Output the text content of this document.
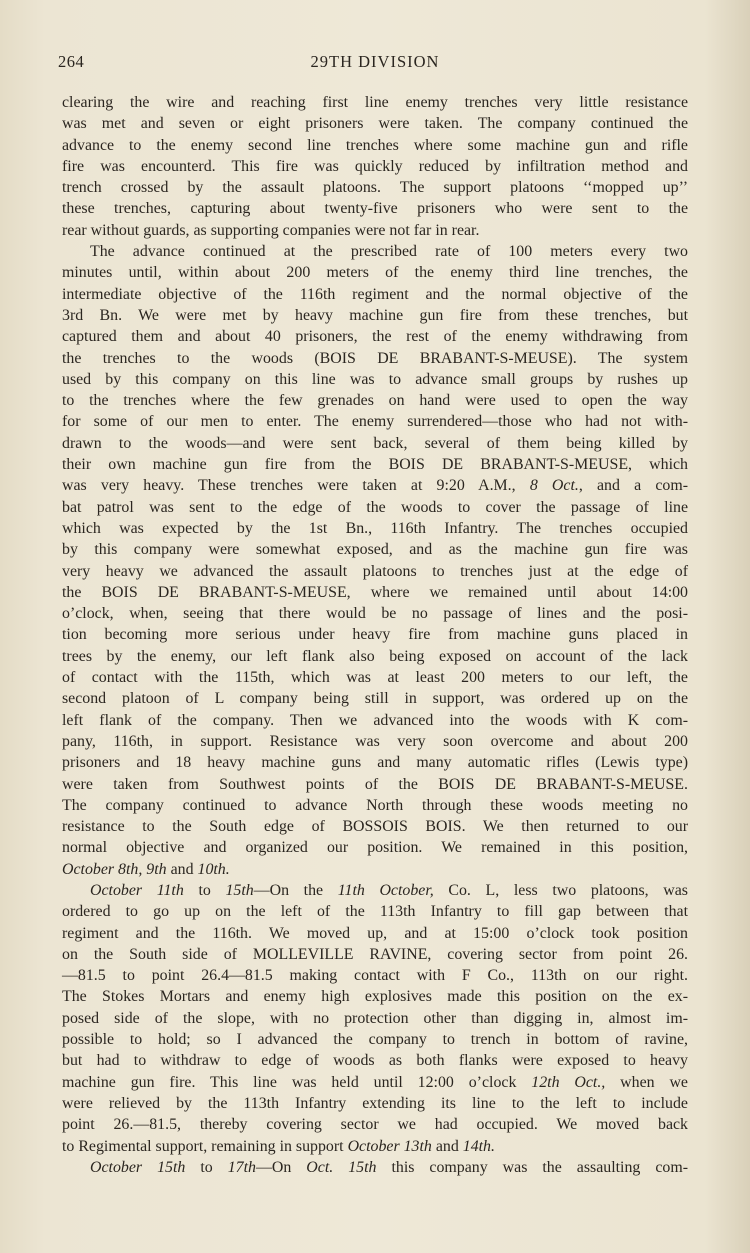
264	29TH DIVISION

clearing the wire and reaching first line enemy trenches very little resistance
was met and seven or eight prisoners were taken. The company continued the
advance to the enemy second line trenches where some machine gun and rifle
fire was encounterd. This fire was quickly reduced by infiltration method and
trench crossed by the assault platoons. The support platoons ‘‘mopped up’’
these trenches, capturing about twenty-five prisoners who were sent to the
rear without guards, as supporting companies were not far in rear.

The advance continued at the prescribed rate of 100 meters every two
minutes until, within about 200 meters of the enemy third line trenches, the
intermediate objective of the 116th regiment and the normal objective of the
3rd Bn. We were met by heavy machine gun fire from these trenches, but
captured them and about 40 prisoners, the rest of the enemy withdrawing from
the trenches to the woods (BOIS DE BRABANT-S-MEUSE). The system
used by this company on this line was to advance small groups by rushes up
to the trenches where the few grenades on hand were used to open the way
for some of our men to enter. The enemy surrendered—those who had not with-
drawn to the woods—and were sent back, several of them being killed by
their own machine gun fire from the BOIS DE BRABANT-S-MEUSE, which
was very heavy. These trenches were taken at 9:20 A.M., 8 Oct., and a com-
bat patrol was sent to the edge of the woods to cover the passage of line
which was expected by the 1st Bn., 116th Infantry. The trenches occupied
by this company were somewhat exposed, and as the machine gun fire was
very heavy we advanced the assault platoons to trenches just at the edge of
the BOIS DE BRABANT-S-MEUSE, where we remained until about 14:00
o’clock, when, seeing that there would be no passage of lines and the posi-
tion becoming more serious under heavy fire from machine guns placed in
trees by the enemy, our left flank also being exposed on account of the lack
of contact with the 115th, which was at least 200 meters to our left, the
second platoon of L company being still in support, was ordered up on the
left flank of the company. Then we advanced into the woods with K com-
pany, 116th, in support. Resistance was very soon overcome and about 200
prisoners and 18 heavy machine guns and many automatic rifles (Lewis type)
were taken from Southwest points of the BOIS DE BRABANT-S-MEUSE.
The company continued to advance North through these woods meeting no
resistance to the South edge of BOSSOIS BOIS. We then returned to our
normal objective and organized our position. We remained in this position,
October 8th, 9th and 10th.

October 11th to 15th—On the 11th October, Co. L, less two platoons, was
ordered to go up on the left of the 113th Infantry to fill gap between that
regiment and the 116th. We moved up, and at 15:00 o’clock took position
on the South side of MOLLEVILLE RAVINE, covering sector from point 26.
—81.5 to point 26.4—81.5 making contact with F Co., 113th on our right.
The Stokes Mortars and enemy high explosives made this position on the ex-
posed side of the slope, with no protection other than digging in, almost im-
possible to hold; so I advanced the company to trench in bottom of ravine,
but had to withdraw to edge of woods as both flanks were exposed to heavy
machine gun fire. This line was held until 12:00 o’clock 12th Oct., when we
were relieved by the 113th Infantry extending its line to the left to include
point 26.—81.5, thereby covering sector we had occupied. We moved back
to Regimental support, remaining in support October 13th and 14th.

October 15th to 17th—On Oct. 15th this company was the assaulting com-
